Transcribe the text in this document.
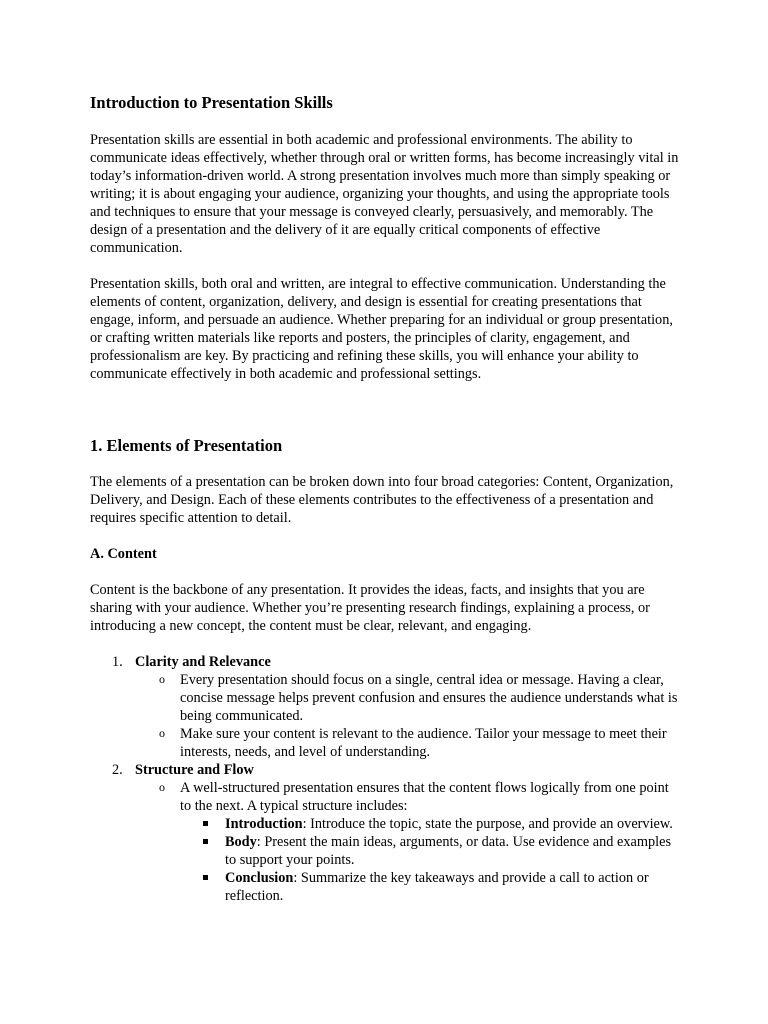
Introduction to Presentation Skills

Presentation skills are essential in both academic and professional environments. The ability to communicate ideas effectively, whether through oral or written forms, has become increasingly vital in today’s information-driven world. A strong presentation involves much more than simply speaking or writing; it is about engaging your audience, organizing your thoughts, and using the appropriate tools and techniques to ensure that your message is conveyed clearly, persuasively, and memorably. The design of a presentation and the delivery of it are equally critical components of effective communication.

Presentation skills, both oral and written, are integral to effective communication. Understanding the elements of content, organization, delivery, and design is essential for creating presentations that engage, inform, and persuade an audience. Whether preparing for an individual or group presentation, or crafting written materials like reports and posters, the principles of clarity, engagement, and professionalism are key. By practicing and refining these skills, you will enhance your ability to communicate effectively in both academic and professional settings.

1. Elements of Presentation

The elements of a presentation can be broken down into four broad categories: Content, Organization, Delivery, and Design. Each of these elements contributes to the effectiveness of a presentation and requires specific attention to detail.

A. Content

Content is the backbone of any presentation. It provides the ideas, facts, and insights that you are sharing with your audience. Whether you’re presenting research findings, explaining a process, or introducing a new concept, the content must be clear, relevant, and engaging.

1. Clarity and Relevance
o Every presentation should focus on a single, central idea or message. Having a clear, concise message helps prevent confusion and ensures the audience understands what is being communicated.
o Make sure your content is relevant to the audience. Tailor your message to meet their interests, needs, and level of understanding.
2. Structure and Flow
o A well-structured presentation ensures that the content flows logically from one point to the next. A typical structure includes:
Introduction: Introduce the topic, state the purpose, and provide an overview.
Body: Present the main ideas, arguments, or data. Use evidence and examples to support your points.
Conclusion: Summarize the key takeaways and provide a call to action or reflection.
